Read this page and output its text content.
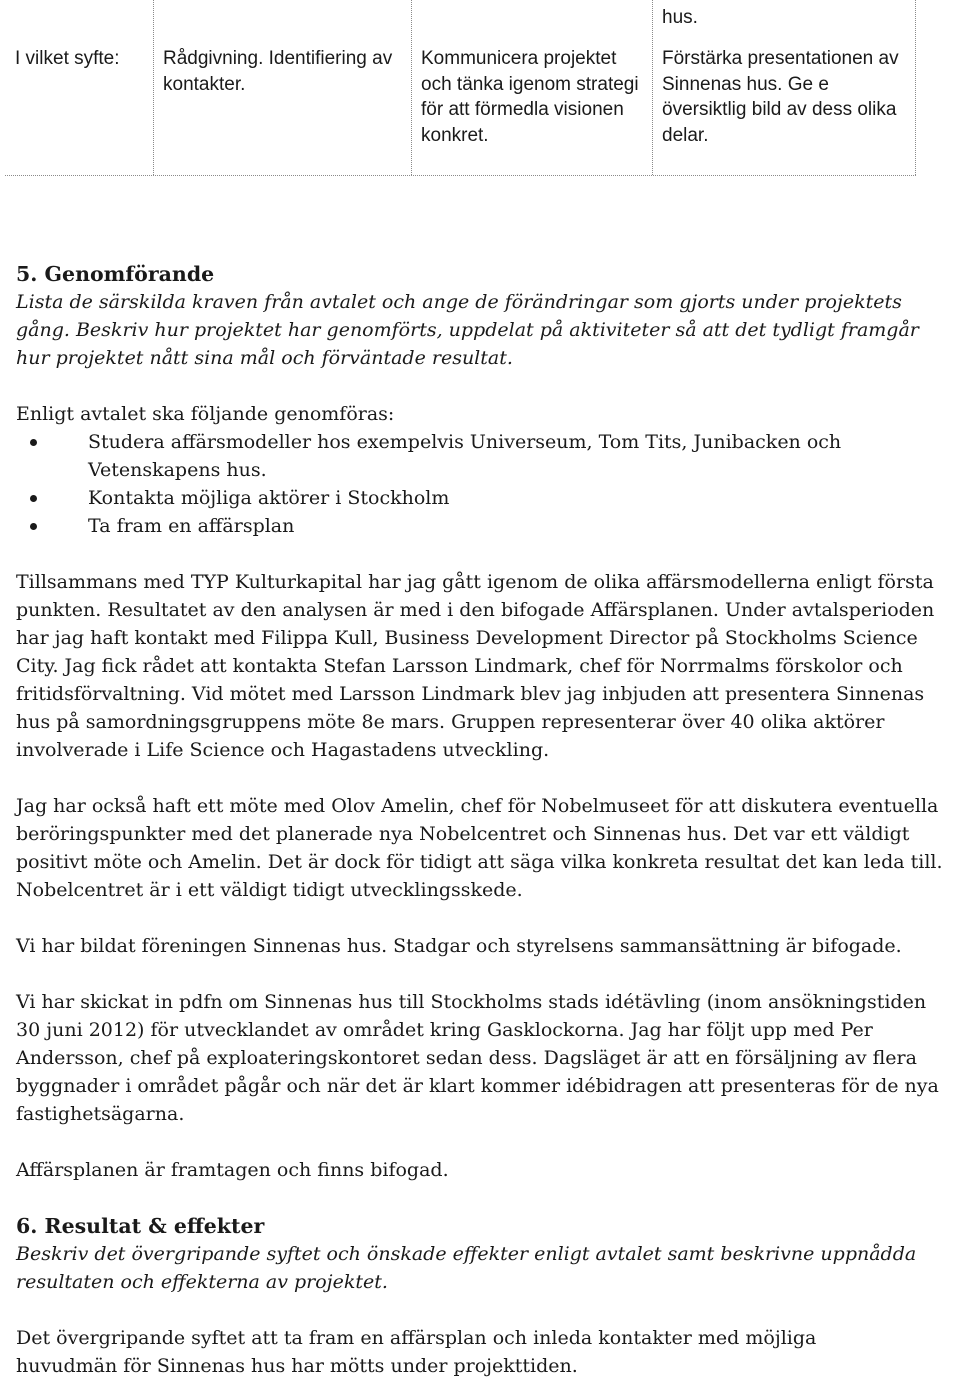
hus.
I vilket syfte:	Rådgivning. Identifiering av kontakter.
Kommunicera projektet och tänka igenom strategi för att förmedla visionen konkret.
Förstärka presentationen av Sinnenas hus. Ge e översiktlig bild av dess olika delar.
5. Genomförande

Lista de särskilda kraven från avtalet och ange de förändringar som gjorts under projektets gång. Beskriv hur projektet har genomförts, uppdelat på aktiviteter så att det tydligt framgår hur projektet nått sina mål och förväntade resultat.

Enligt avtalet ska följande genomföras:

Studera affärsmodeller hos exempelvis Universeum, Tom Tits, Junibacken och Vetenskapens hus.
Kontakta möjliga aktörer i Stockholm
Ta fram en affärsplan

Tillsammans med TYP Kulturkapital har jag gått igenom de olika affärsmodellerna enligt första punkten. Resultatet av den analysen är med i den bifogade Affärsplanen. Under avtalsperioden har jag haft kontakt med Filippa Kull, Business Development Director på Stockholms Science City. Jag fick rådet att kontakta Stefan Larsson Lindmark, chef för Norrmalms förskolor och fritidsförvaltning. Vid mötet med Larsson Lindmark blev jag inbjuden att presentera Sinnenas hus på samordningsgruppens möte 8e mars. Gruppen representerar över 40 olika aktörer involverade i Life Science och Hagastadens utveckling.

Jag har också haft ett möte med Olov Amelin, chef för Nobelmuseet för att diskutera eventuella beröringspunkter med det planerade nya Nobelcentret och Sinnenas hus. Det var ett väldigt positivt möte och Amelin. Det är dock för tidigt att säga vilka konkreta resultat det kan leda till. Nobelcentret är i ett väldigt tidigt utvecklingsskede.

Vi har bildat föreningen Sinnenas hus. Stadgar och styrelsens sammansättning är bifogade.

Vi har skickat in pdfn om Sinnenas hus till Stockholms stads idétävling (inom ansökningstiden 30 juni 2012) för utvecklandet av området kring Gasklockorna. Jag har följt upp med Per Andersson, chef på exploateringskontoret sedan dess. Dagsläget är att en försäljning av flera byggnader i området pågår och när det är klart kommer idébidragen att presenteras för de nya fastighetsägarna.

Affärsplanen är framtagen och finns bifogad.

6. Resultat & effekter

Beskriv det övergripande syftet och önskade effekter enligt avtalet samt beskrivne uppnådda resultaten och effekterna av projektet.

Det övergripande syftet att ta fram en affärsplan och inleda kontakter med möjliga huvudmän för Sinnenas hus har mötts under projekttiden.
